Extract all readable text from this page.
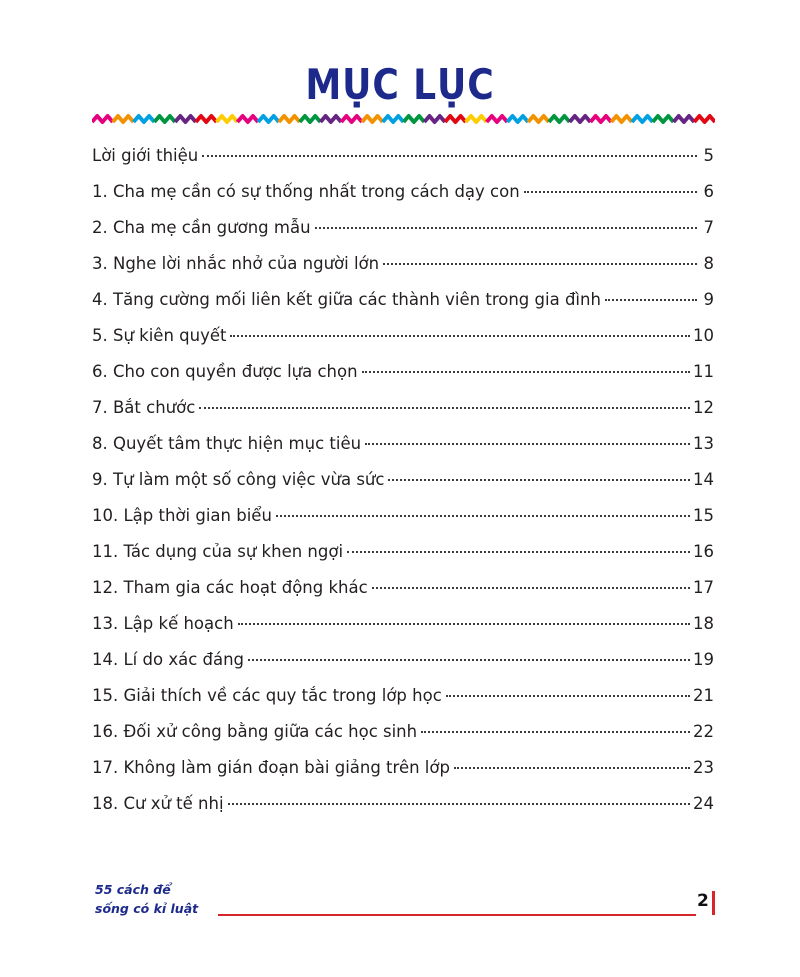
MỤC LỤC
Lời giới thiệu	5
1. Cha mẹ cần có sự thống nhất trong cách dạy con	6
2. Cha mẹ cần gương mẫu	7
3. Nghe lời nhắc nhở của người lớn	8
4. Tăng cường mối liên kết giữa các thành viên trong gia đình	9
5. Sự kiên quyết	10
6. Cho con quyền được lựa chọn	11
7. Bắt chước	12
8. Quyết tâm thực hiện mục tiêu	13
9. Tự làm một số công việc vừa sức	14
10. Lập thời gian biểu	15
11. Tác dụng của sự khen ngợi	16
12. Tham gia các hoạt động khác	17
13. Lập kế hoạch	18
14. Lí do xác đáng	19
15. Giải thích về các quy tắc trong lớp học	21
16. Đối xử công bằng giữa các học sinh	22
17. Không làm gián đoạn bài giảng trên lớp	23
18. Cư xử tế nhị	24
55 cách để
sống có kỉ luật	2
